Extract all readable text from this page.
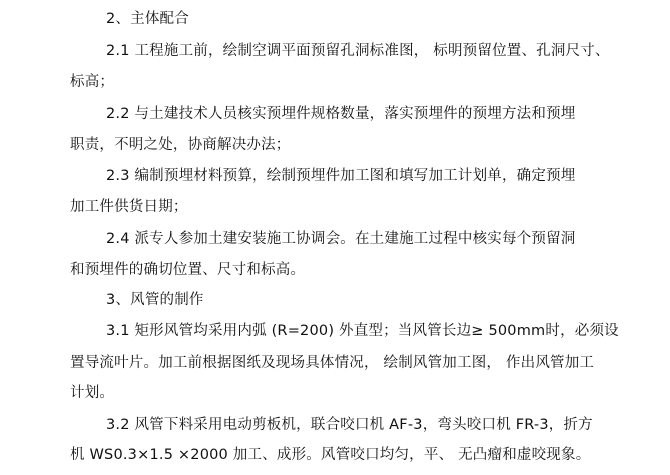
2、主体配合
2.1 工程施工前，绘制空调平面预留孔洞标准图， 标明预留位置、孔洞尺寸、
标高；
2.2 与土建技术人员核实预埋件规格数量，落实预埋件的预埋方法和预埋
职责，不明之处，协商解决办法；
2.3 编制预埋材料预算，绘制预埋件加工图和填写加工计划单，确定预埋
加工件供货日期；
2.4 派专人参加土建安装施工协调会。在土建施工过程中核实每个预留洞
和预埋件的确切位置、尺寸和标高。
3、风管的制作
3.1 矩形风管均采用内弧 (R=200) 外直型；当风管长边≥ 500mm时，必须设
置导流叶片。加工前根据图纸及现场具体情况， 绘制风管加工图， 作出风管加工
计划。
3.2 风管下料采用电动剪板机，联合咬口机 AF-3，弯头咬口机 FR-3，折方
机 WS0.3×1.5 ×2000 加工、成形。风管咬口均匀，平、 无凸瘤和虚咬现象。
